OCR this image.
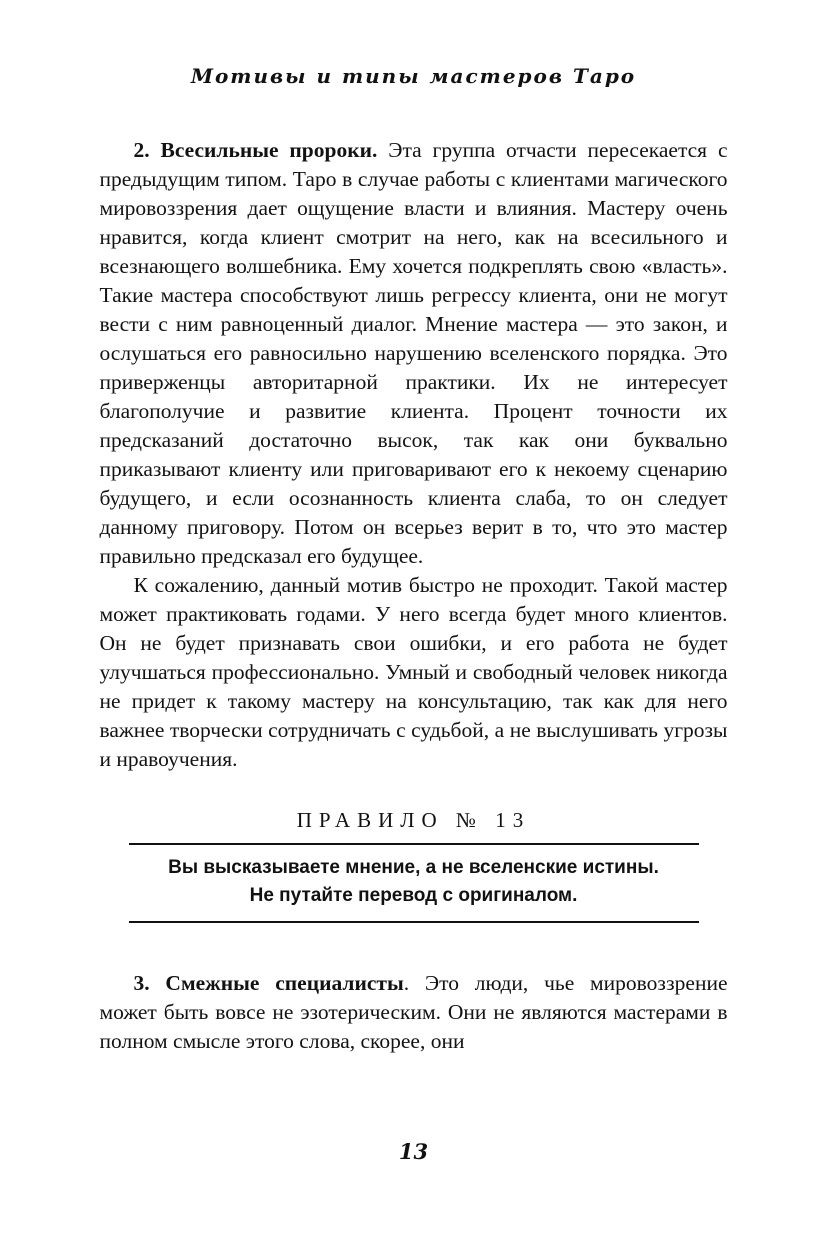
Мотивы и типы мастеров Таро

2. Всесильные пророки. Эта группа отчасти пересекается с предыдущим типом. Таро в случае работы с клиентами магического мировоззрения дает ощущение власти и влияния. Мастеру очень нравится, когда клиент смотрит на него, как на всесильного и всезнающего волшебника. Ему хочется подкреплять свою «власть». Такие мастера способствуют лишь регрессу клиента, они не могут вести с ним равноценный диалог. Мнение мастера — это закон, и ослушаться его равносильно нарушению вселенского порядка. Это приверженцы авторитарной практики. Их не интересует благополучие и развитие клиента. Процент точности их предсказаний достаточно высок, так как они буквально приказывают клиенту или приговаривают его к некоему сценарию будущего, и если осознанность клиента слаба, то он следует данному приговору. Потом он всерьез верит в то, что это мастер правильно предсказал его будущее.

К сожалению, данный мотив быстро не проходит. Такой мастер может практиковать годами. У него всегда будет много клиентов. Он не будет признавать свои ошибки, и его работа не будет улучшаться профессионально. Умный и свободный человек никогда не придет к такому мастеру на консультацию, так как для него важнее творчески сотрудничать с судьбой, а не выслушивать угрозы и нравоучения.

ПРАВИЛО № 13
Вы высказываете мнение, а не вселенские истины.
Не путайте перевод с оригиналом.

3. Смежные специалисты. Это люди, чье мировоззрение может быть вовсе не эзотерическим. Они не являются мастерами в полном смысле этого слова, скорее, они

13
